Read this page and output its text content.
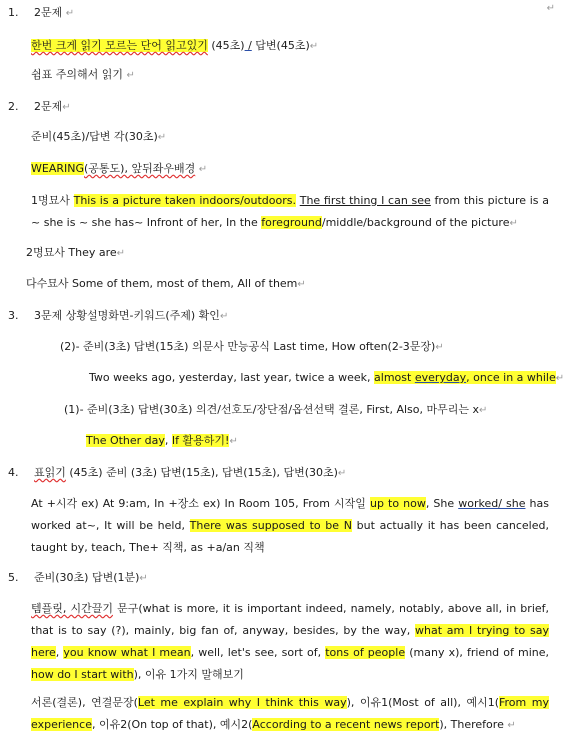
↵
1. 2문제 ↵
한번 크게 읽기 모르는 단어 읽고있기 (45초) / 답변(45초)↵
쉼표 주의해서 읽기 ↵
2. 2문제↵
준비(45초)/답변 각(30초)↵
WEARING(공통도), 앞뒤좌우배경 ↵
1명묘사 This is a picture taken indoors/outdoors. The first thing I can see from this picture is a ~ she is ~ she has~ Infront of her, In the foreground/middle/background of the picture↵
2명묘사 They are↵
다수묘사 Some of them, most of them, All of them↵
3. 3문제 상황설명화면-키워드(주제) 확인↵
(2)- 준비(3초) 답변(15초) 의문사 만능공식 Last time, How often(2-3문장)↵
Two weeks ago, yesterday, last year, twice a week, almost everyday, once in a while↵
(1)- 준비(3초) 답변(30초) 의견/선호도/장단점/옵션선택 결론, First, Also, 마무리는 x↵
The Other day, If 활용하기!↵
4. 표읽기 (45초) 준비 (3초) 답변(15초), 답변(15초), 답변(30초)↵
At +시각 ex) At 9:am, In +장소 ex) In Room 105, From 시작일 up to now, She worked/ she has worked at~, It will be held, There was supposed to be N but actually it has been canceled, taught by, teach, The+ 직책, as +a/an 직책
5. 준비(30초) 답변(1분)↵
템플릿, 시간끌기 문구(what is more, it is important indeed, namely, notably, above all, in brief, that is to say (?), mainly, big fan of, anyway, besides, by the way, what am I trying to say here, you know what I mean, well, let's see, sort of, tons of people (many x), friend of mine, how do I start with), 이유 1가지 말해보기
서론(결론), 연결문장(Let me explain why I think this way), 이유1(Most of all), 예시1(From my experience, 이유2(On top of that), 예시2(According to a recent news report), Therefore ↵
